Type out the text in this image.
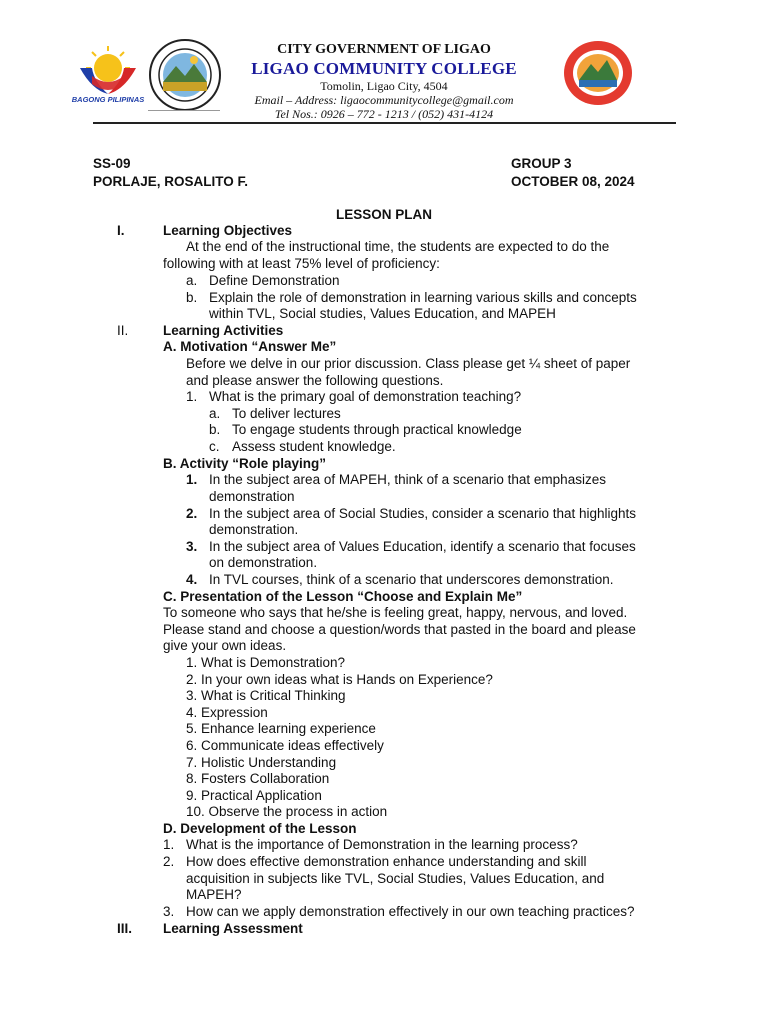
BAGONG PILIPINAS
CITY GOVERNMENT OF LIGAO
LIGAO COMMUNITY COLLEGE
Tomolin, Ligao City, 4504
Email – Address: ligaocommunitycollege@gmail.com
Tel Nos.: 0926 – 772 - 1213 / (052) 431-4124
SS-09
PORLAJE, ROSALITO F.
GROUP 3
OCTOBER 08, 2024
LESSON PLAN
I.	Learning Objectives
At the end of the instructional time, the students are expected to do the
following with at least 75% level of proficiency:
a. Define Demonstration
b. Explain the role of demonstration in learning various skills and concepts
within TVL, Social studies, Values Education, and MAPEH
II.	Learning Activities
A. Motivation “Answer Me”
Before we delve in our prior discussion. Class please get ¼ sheet of paper
and please answer the following questions.
1. What is the primary goal of demonstration teaching?
a. To deliver lectures
b. To engage students through practical knowledge
c. Assess student knowledge.
B. Activity “Role playing”
1. In the subject area of MAPEH, think of a scenario that emphasizes
demonstration
2. In the subject area of Social Studies, consider a scenario that highlights
demonstration.
3. In the subject area of Values Education, identify a scenario that focuses
on demonstration.
4. In TVL courses, think of a scenario that underscores demonstration.
C. Presentation of the Lesson “Choose and Explain Me”
To someone who says that he/she is feeling great, happy, nervous, and loved.
Please stand and choose a question/words that pasted in the board and please
give your own ideas.
1. What is Demonstration?
2. In your own ideas what is Hands on Experience?
3. What is Critical Thinking
4. Expression
5. Enhance learning experience
6. Communicate ideas effectively
7. Holistic Understanding
8. Fosters Collaboration
9. Practical Application
10. Observe the process in action
D. Development of the Lesson
1. What is the importance of Demonstration in the learning process?
2. How does effective demonstration enhance understanding and skill
acquisition in subjects like TVL, Social Studies, Values Education, and
MAPEH?
3. How can we apply demonstration effectively in our own teaching practices?
III. Learning Assessment
